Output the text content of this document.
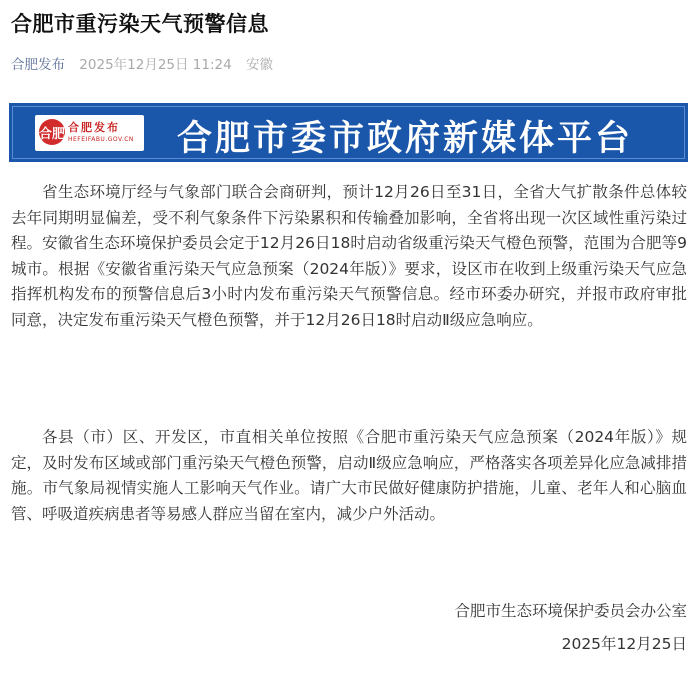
合肥市重污染天气预警信息
合肥发布 2025年12月25日 11:24 安徽
合肥 合肥发布
HEFEIFABU.GOV.CN 合肥市委市政府新媒体平台

省生态环境厅经与气象部门联合会商研判，预计12月26日至31日，全省大气扩散条件总体较去年同期明显偏差，受不利气象条件下污染累积和传输叠加影响，全省将出现一次区域性重污染过程。安徽省生态环境保护委员会定于12月26日18时启动省级重污染天气橙色预警，范围为合肥等9城市。根据《安徽省重污染天气应急预案（2024年版）》要求，设区市在收到上级重污染天气应急指挥机构发布的预警信息后3小时内发布重污染天气预警信息。经市环委办研究，并报市政府审批同意，决定发布重污染天气橙色预警，并于12月26日18时启动Ⅱ级应急响应。

各县（市）区、开发区，市直相关单位按照《合肥市重污染天气应急预案（2024年版）》规定，及时发布区域或部门重污染天气橙色预警，启动Ⅱ级应急响应，严格落实各项差异化应急减排措施。市气象局视情实施人工影响天气作业。请广大市民做好健康防护措施，儿童、老年人和心脑血管、呼吸道疾病患者等易感人群应当留在室内，减少户外活动。

合肥市生态环境保护委员会办公室
2025年12月25日
